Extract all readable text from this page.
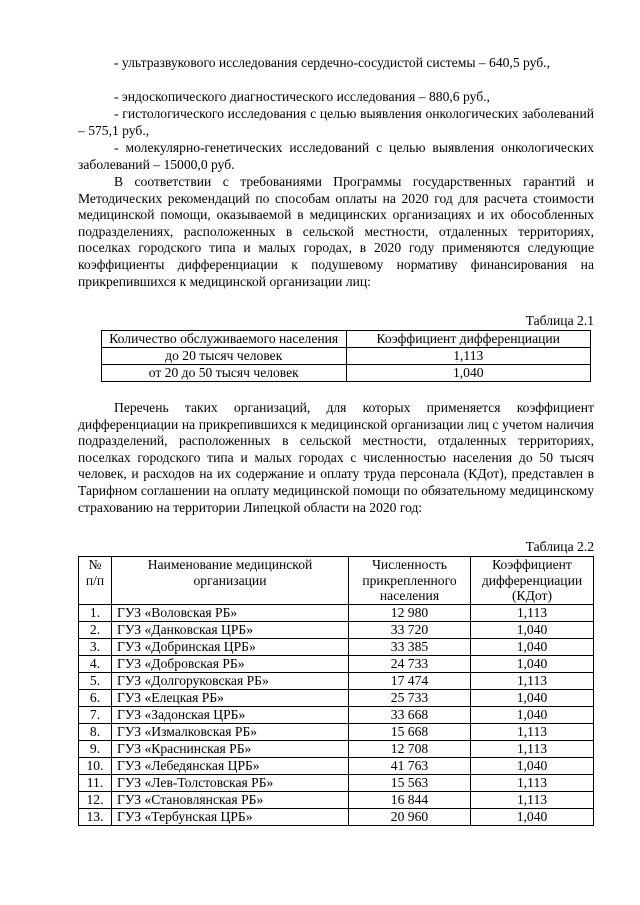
- ультразвукового исследования сердечно-сосудистой системы – 640,5 руб.,

- эндоскопического диагностического исследования – 880,6 руб.,

- гистологического исследования с целью выявления онкологических заболеваний – 575,1 руб.,

- молекулярно-генетических исследований с целью выявления онкологических заболеваний – 15000,0 руб.

В соответствии с требованиями Программы государственных гарантий и Методических рекомендаций по способам оплаты на 2020 год для расчета стоимости медицинской помощи, оказываемой в медицинских организациях и их обособленных подразделениях, расположенных в сельской местности, отдаленных территориях, поселках городского типа и малых городах, в 2020 году применяются следующие коэффициенты дифференциации к подушевому нормативу финансирования на прикрепившихся к медицинской организации лиц:

Таблица 2.1
Количество обслуживаемого населения	Коэффициент дифференциации
до 20 тысяч человек	1,113
от 20 до 50 тысяч человек	1,040

Перечень таких организаций, для которых применяется коэффициент дифференциации на прикрепившихся к медицинской организации лиц с учетом наличия подразделений, расположенных в сельской местности, отдаленных территориях, поселках городского типа и малых городах с численностью населения до 50 тысяч человек, и расходов на их содержание и оплату труда персонала (КДот), представлен в Тарифном соглашении на оплату медицинской помощи по обязательному медицинскому страхованию на территории Липецкой области на 2020 год:

Таблица 2.2
№ п/п	Наименование медицинской организации	Численность прикрепленного населения	Коэффициент дифференциации (КДот)
1.	ГУЗ «Воловская РБ»	12 980	1,113
2.	ГУЗ «Данковская ЦРБ»	33 720	1,040
3.	ГУЗ «Добринская ЦРБ»	33 385	1,040
4.	ГУЗ «Добровская РБ»	24 733	1,040
5.	ГУЗ «Долгоруковская РБ»	17 474	1,113
6.	ГУЗ «Елецкая РБ»	25 733	1,040
7.	ГУЗ «Задонская ЦРБ»	33 668	1,040
8.	ГУЗ «Измалковская РБ»	15 668	1,113
9.	ГУЗ «Краснинская РБ»	12 708	1,113
10.	ГУЗ «Лебедянская ЦРБ»	41 763	1,040
11.	ГУЗ «Лев-Толстовская РБ»	15 563	1,113
12.	ГУЗ «Становлянская РБ»	16 844	1,113
13.	ГУЗ «Тербунская ЦРБ»	20 960	1,040
